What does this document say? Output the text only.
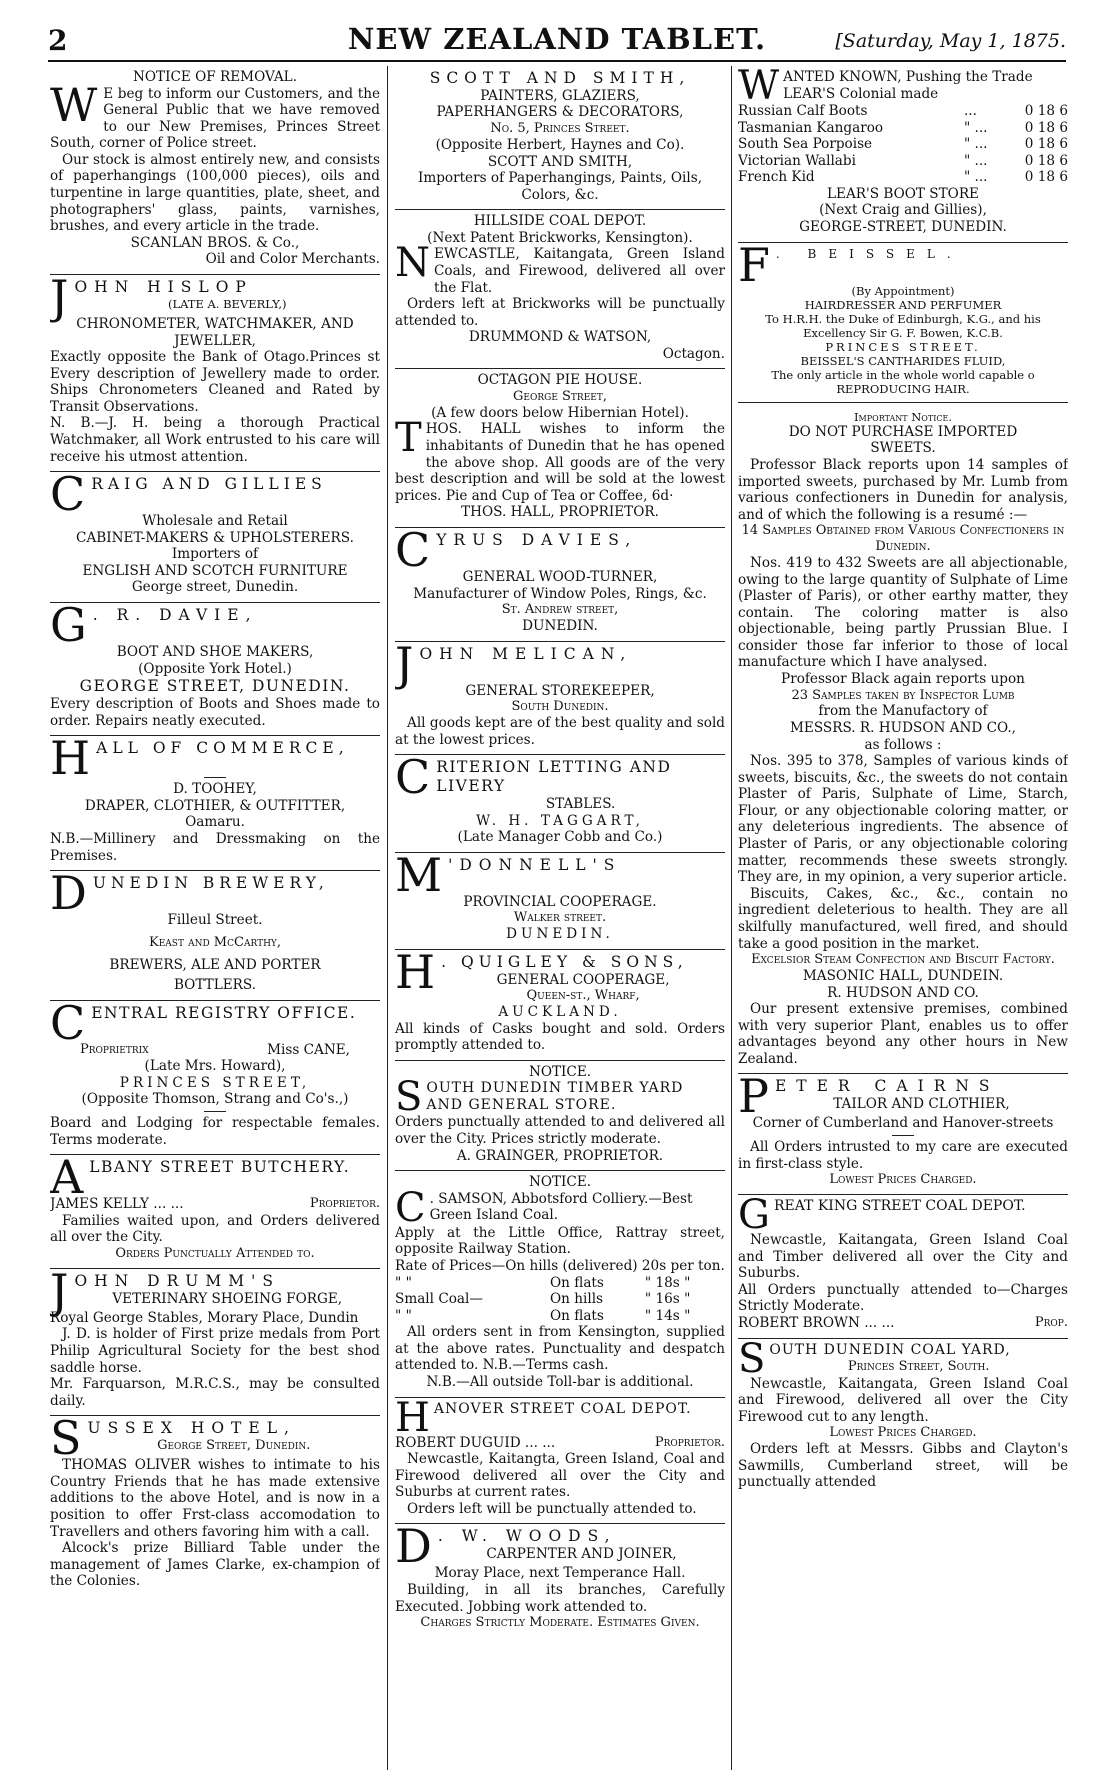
2	NEW ZEALAND TABLET.	[Saturday, May 1, 1875.
NOTICE OF REMOVAL.
W E beg to inform our Customers, and the General Public that we have removed to our New Premises, Princes Street South, corner of Police street.
Our stock is almost entirely new, and consists of paperhangings (100,000 pieces), oils and turpentine in large quantities, plate, sheet, and photographers' glass, paints, varnishes, brushes, and every article in the trade.
SCANLAN BROS. & Co.,
Oil and Color Merchants.
JOHN HISLOP
(LATE A. BEVERLY,)
CHRONOMETER, WATCHMAKER, AND JEWELLER,
Exactly opposite the Bank of Otago.Princes st Every description of Jewellery made to order. Ships Chronometers Cleaned and Rated by Transit Observations.
N. B.—J. H. being a thorough Practical Watchmaker, all Work entrusted to his care will receive his utmost attention.
CRAIG AND GILLIES
Wholesale and Retail
CABINET-MAKERS & UPHOLSTERERS.
Importers of
ENGLISH AND SCOTCH FURNITURE
George street, Dunedin.
G . R. DAVIE,
BOOT AND SHOE MAKERS,
(Opposite York Hotel.)
GEORGE STREET, DUNEDIN.
Every description of Boots and Shoes made to order. Repairs neatly executed.
HALL OF COMMERCE,
D. TOOHEY,
DRAPER, CLOTHIER, & OUTFITTER,
Oamaru.
N.B.—Millinery and Dressmaking on the Premises.
DUNEDIN BREWERY,
Filleul Street.
Keast and McCarthy,
BREWERS, ALE AND PORTER
BOTTLERS.
CENTRAL REGISTRY OFFICE.
Proprietrix	Miss CANE,
(Late Mrs. Howard),
PRINCES STREET,
(Opposite Thomson, Strang and Co's.,)
Board and Lodging for respectable females. Terms moderate.
ALBANY STREET BUTCHERY.
JAMES KELLY ... ...	Proprietor.
Families waited upon, and Orders delivered all over the City.
Orders Punctually Attended to.
JOHN DRUMM'S
VETERINARY SHOEING FORGE,
Royal George Stables, Morary Place, Dundin
J. D. is holder of First prize medals from Port Philip Agricultural Society for the best shod saddle horse.
Mr. Farquarson, M.R.C.S., may be consulted daily.
SUSSEX HOTEL,
George Street, Dunedin.
THOMAS OLIVER wishes to intimate to his Country Friends that he has made extensive additions to the above Hotel, and is now in a position to offer Frst-class accomodation to Travellers and others favoring him with a call.
Alcock's prize Billiard Table under the management of James Clarke, ex-champion of the Colonies.
SCOTT AND SMITH,
PAINTERS, GLAZIERS,
PAPERHANGERS & DECORATORS,
No. 5, Princes Street.
(Opposite Herbert, Haynes and Co).
SCOTT AND SMITH,
Importers of Paperhangings, Paints, Oils, Colors, &c.
HILLSIDE COAL DEPOT.
(Next Patent Brickworks, Kensington).
NEWCASTLE, Kaitangata, Green Island Coals, and Firewood, delivered all over the Flat.
Orders left at Brickworks will be punctually attended to.
DRUMMOND & WATSON,
Octagon.
OCTAGON PIE HOUSE.
George Street,
(A few doors below Hibernian Hotel).
THOS. HALL wishes to inform the inhabitants of Dunedin that he has opened the above shop. All goods are of the very best description and will be sold at the lowest prices. Pie and Cup of Tea or Coffee, 6d·
THOS. HALL, PROPRIETOR.
CYRUS DAVIES,
GENERAL WOOD-TURNER,
Manufacturer of Window Poles, Rings, &c.
St. Andrew street,
DUNEDIN.
JOHN MELICAN,
GENERAL STOREKEEPER,
South Dunedin.
All goods kept are of the best quality and sold at the lowest prices.
CRITERION LETTING AND LIVERY
STABLES.
W. H. TAGGART,
(Late Manager Cobb and Co.)
M 'DONNELL'S
PROVINCIAL COOPERAGE.
Walker street.
DUNEDIN.
H . QUIGLEY & SONS,
GENERAL COOPERAGE,
Queen-st., Wharf,
AUCKLAND.
All kinds of Casks bought and sold. Orders promptly attended to.
NOTICE.
SOUTH DUNEDIN TIMBER YARD AND GENERAL STORE.
Orders punctually attended to and delivered all over the City. Prices strictly moderate.
A. GRAINGER, PROPRIETOR.
NOTICE.
C . SAMSON, Abbotsford Colliery.—Best Green Island Coal.
Apply at the Little Office, Rattray street, opposite Railway Station.
Rate of Prices—On hills (delivered) 20s per ton.
" "	On flats	" 18s "
Small Coal—	On hills	" 16s "
" "	On flats	" 14s "
All orders sent in from Kensington, supplied at the above rates. Punctuality and despatch attended to. N.B.—Terms cash.
N.B.—All outside Toll-bar is additional.
HANOVER STREET COAL DEPOT.
ROBERT DUGUID ... ...	Proprietor.
Newcastle, Kaitangta, Green Island, Coal and Firewood delivered all over the City and Suburbs at current rates.
Orders left will be punctually attended to.
D . W. WOODS,
CARPENTER AND JOINER,
Moray Place, next Temperance Hall.
Building, in all its branches, Carefully Executed. Jobbing work attended to.
Charges Strictly Moderate. Estimates Given.
WANTED KNOWN, Pushing the Trade
LEAR'S Colonial made
Russian Calf Boots	...	0 18 6
Tasmanian Kangaroo	" ...	0 18 6
South Sea Porpoise	" ...	0 18 6
Victorian Wallabi	" ...	0 18 6
French Kid	" ...	0 18 6
LEAR'S BOOT STORE
(Next Craig and Gillies),
GEORGE-STREET, DUNEDIN.
F . BEISSEL.
(By Appointment)
HAIRDRESSER AND PERFUMER
To H.R.H. the Duke of Edinburgh, K.G., and his Excellency Sir G. F. Bowen, K.C.B.
PRINCES STREET.
BEISSEL'S CANTHARIDES FLUID,
The only article in the whole world capable o
REPRODUCING HAIR.
Important Notice.
DO NOT PURCHASE IMPORTED
SWEETS.
Professor Black reports upon 14 samples of imported sweets, purchased by Mr. Lumb from various confectioners in Dunedin for analysis, and of which the following is a resumé :—
14 Samples Obtained from Various Confectioners in Dunedin.
Nos. 419 to 432 Sweets are all abjectionable, owing to the large quantity of Sulphate of Lime (Plaster of Paris), or other earthy matter, they contain. The coloring matter is also objectionable, being partly Prussian Blue. I consider those far inferior to those of local manufacture which I have analysed.
Professor Black again reports upon
23 Samples taken by Inspector Lumb
from the Manufactory of
MESSRS. R. HUDSON AND CO.,
as follows :
Nos. 395 to 378, Samples of various kinds of sweets, biscuits, &c., the sweets do not contain Plaster of Paris, Sulphate of Lime, Starch, Flour, or any objectionable coloring matter, or any deleterious ingredients. The absence of Plaster of Paris, or any objectionable coloring matter, recommends these sweets strongly. They are, in my opinion, a very superior article.
Biscuits, Cakes, &c., &c., contain no ingredient deleterious to health. They are all skilfully manufactured, well fired, and should take a good position in the market.
Excelsior Steam Confection and Biscuit Factory.
MASONIC HALL, DUNDEIN.
R. HUDSON AND CO.
Our present extensive premises, combined with very superior Plant, enables us to offer advantages beyond any other hours in New Zealand.
PETER CAIRNS
TAILOR AND CLOTHIER,
Corner of Cumberland and Hanover-streets
All Orders intrusted to my care are executed in first-class style.
Lowest Prices Charged.
GREAT KING STREET COAL DEPOT.
Newcastle, Kaitangata, Green Island Coal and Timber delivered all over the City and Suburbs.
All Orders punctually attended to—Charges Strictly Moderate.
ROBERT BROWN ... ...	Prop.
SOUTH DUNEDIN COAL YARD,
Princes Street, South.
Newcastle, Kaitangata, Green Island Coal and Firewood, delivered all over the City Firewood cut to any length.
Lowest Prices Charged.
Orders left at Messrs. Gibbs and Clayton's Sawmills, Cumberland street, will be punctually attended
